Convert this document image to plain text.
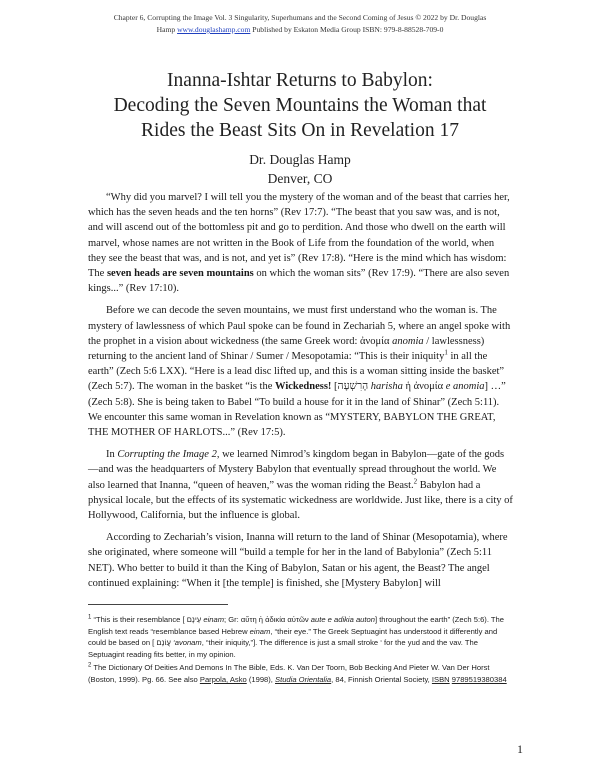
Chapter 6, Corrupting the Image Vol. 3 Singularity, Superhumans and the Second Coming of Jesus © 2022 by Dr. Douglas
Hamp www.douglashamp.com Published by Eskaton Media Group ISBN: 979-8-88528-709-0
Inanna-Ishtar Returns to Babylon:
Decoding the Seven Mountains the Woman that
Rides the Beast Sits On in Revelation 17
Dr. Douglas Hamp
Denver, CO

“Why did you marvel? I will tell you the mystery of the woman and of the beast that carries her, which has the seven heads and the ten horns” (Rev 17:7). “The beast that you saw was, and is not, and will ascend out of the bottomless pit and go to perdition. And those who dwell on the earth will marvel, whose names are not written in the Book of Life from the foundation of the world, when they see the beast that was, and is not, and yet is” (Rev 17:8). “Here is the mind which has wisdom: The seven heads are seven mountains on which the woman sits” (Rev 17:9). “There are also seven kings...” (Rev 17:10).

Before we can decode the seven mountains, we must first understand who the woman is. The mystery of lawlessness of which Paul spoke can be found in Zechariah 5, where an angel spoke with the prophet in a vision about wickedness (the same Greek word: ἀνομία anomia / lawlessness) returning to the ancient land of Shinar / Sumer / Mesopotamia: “This is their iniquity$^1$ in all the earth” (Zech 5:6 LXX). “Here is a lead disc lifted up, and this is a woman sitting inside the basket” (Zech 5:7). The woman in the basket “is the Wickedness! [הָרִשְׁעָה harisha ἡ ἀνομία e anomia] …” (Zech 5:8). She is being taken to Babel “To build a house for it in the land of Shinar” (Zech 5:11). We encounter this same woman in Revelation known as “MYSTERY, BABYLON THE GREAT, THE MOTHER OF HARLOTS...” (Rev 17:5).

In Corrupting the Image 2, we learned Nimrod’s kingdom began in Babylon—gate of the gods—and was the headquarters of Mystery Babylon that eventually spread throughout the world. We also learned that Inanna, “queen of heaven,” was the woman riding the Beast.$^2$ Babylon had a physical locale, but the effects of its systematic wickedness are worldwide. Just like, there is a city of Hollywood, California, but the influence is global.

According to Zechariah’s vision, Inanna will return to the land of Shinar (Mesopotamia), where she originated, where someone will “build a temple for her in the land of Babylonia” (Zech 5:11 NET). Who better to build it than the King of Babylon, Satan or his agent, the Beast? The angel continued explaining: “When it [the temple] is finished, she [Mystery Babylon] will

$^1$ “This is their resemblance [ עֵינָם einam; Gr: αὕτη ἡ ἀδικία αὐτῶν aute e adikia auton] throughout the earth” (Zech 5:6). The English text reads “resemblance based Hebrew einam, “their eye.” The Greek Septuagint has understood it differently and could be based on [ עֲוֹנָם ‘avonam, “their iniquity,”]. The difference is just a small stroke ‘ for the yud and the vav. The Septuagint reading fits better, in my opinion.

$^2$ The Dictionary Of Deities And Demons In The Bible, Eds. K. Van Der Toorn, Bob Becking And Pieter W. Van Der Horst (Boston, 1999). Pg. 66. See also Parpola, Asko (1998), Studia Orientalia, 84, Finnish Oriental Society, ISBN 9789519380384

1
